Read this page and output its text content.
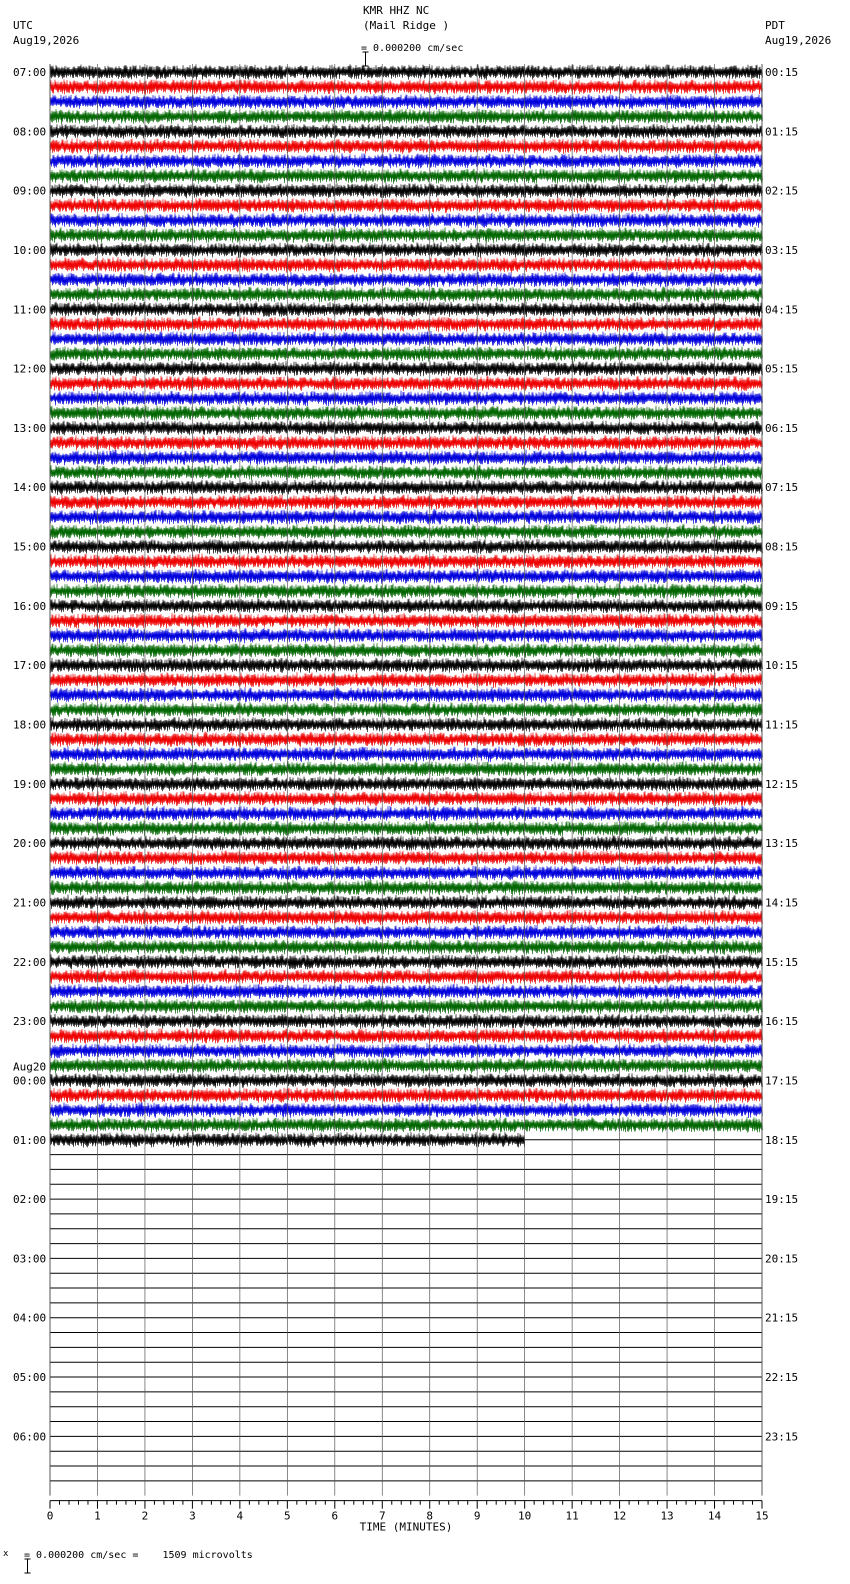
KMR HHZ NC
(Mail Ridge )
UTC
Aug19,2026
PDT
Aug19,2026

= 0.000200 cm/sec
0	1	2	3	4	5	6	7	8	9	10	11	12	13	14	15
TIME (MINUTES)
07:00
08:00
09:00
10:00
11:00
12:00
13:00
14:00
15:00
16:00
17:00
18:00
19:00
20:00
21:00
22:00
23:00
00:00
01:00
02:00
03:00
04:00
05:00
06:00
00:15
01:15
02:15
03:15
04:15
05:15
06:15
07:15
08:15
09:15
10:15
11:15
12:15
13:15
14:15
15:15
16:15
17:15
18:15
19:15
20:15
21:15
22:15
23:15
Aug20
x

= 0.000200 cm/sec =    1509 microvolts
